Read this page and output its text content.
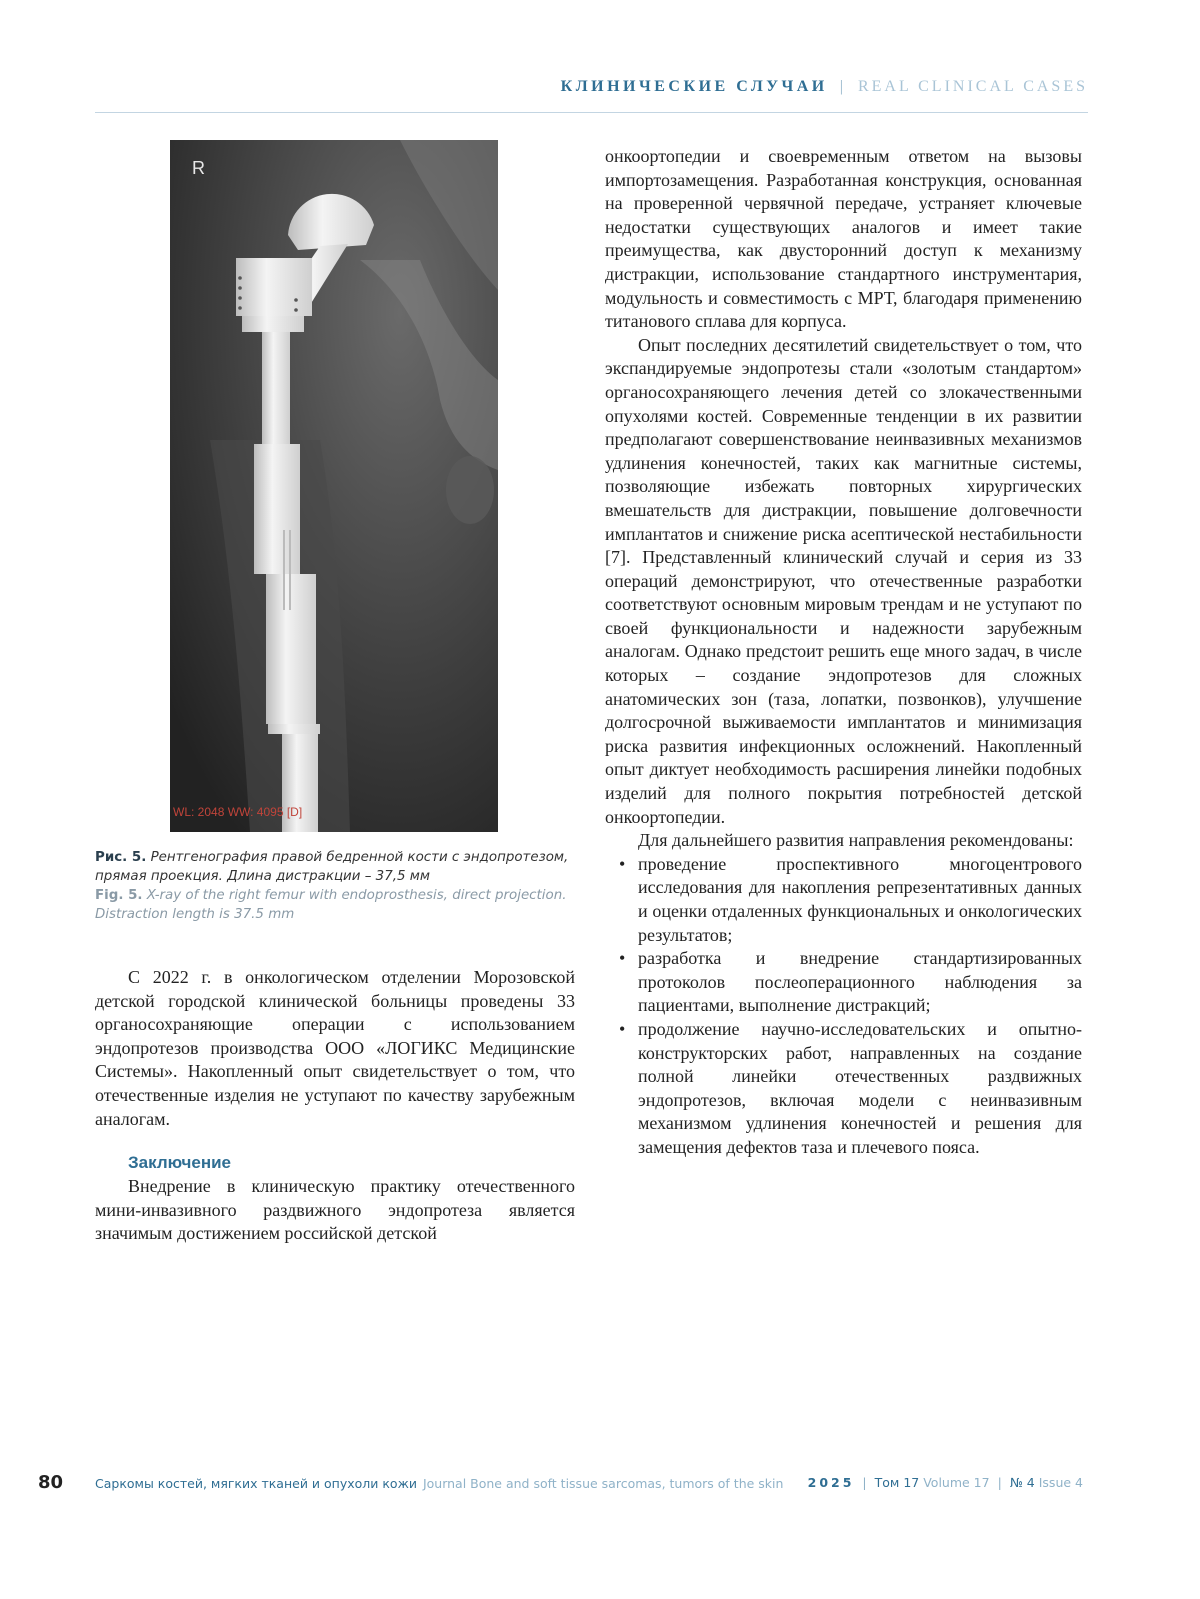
КЛИНИЧЕСКИЕ СЛУЧАИ | REAL CLINICAL CASES
R
WL: 2048 WW: 4095 [D]
Рис. 5. Рентгенография правой бедренной кости с эндопротезом, прямая проекция. Длина дистракции – 37,5 мм
Fig. 5. X-ray of the right femur with endoprosthesis, direct projection. Distraction length is 37.5 mm

С 2022 г. в онкологическом отделении Морозовской детской городской клинической больницы проведены 33 органосохраняющие операции с использованием эндопротезов производства ООО «ЛОГИКС Медицинские Системы». Накопленный опыт свидетельствует о том, что отечественные изделия не уступают по качеству зарубежным аналогам.

Заключение

Внедрение в клиническую практику отечественного мини-инвазивного раздвижного эндопротеза является значимым достижением российской детской

онкоортопедии и своевременным ответом на вызовы импортозамещения. Разработанная конструкция, основанная на проверенной червячной передаче, устраняет ключевые недостатки существующих аналогов и имеет такие преимущества, как двусторонний доступ к механизму дистракции, использование стандартного инструментария, модульность и совместимость с МРТ, благодаря применению титанового сплава для корпуса.

Опыт последних десятилетий свидетельствует о том, что экспандируемые эндопротезы стали «золотым стандартом» органосохраняющего лечения детей со злокачественными опухолями костей. Современные тенденции в их развитии предполагают совершенствование неинвазивных механизмов удлинения конечностей, таких как магнитные системы, позволяющие избежать повторных хирургических вмешательств для дистракции, повышение долговечности имплантатов и снижение риска асептической нестабильности [7]. Представленный клинический случай и серия из 33 операций демонстрируют, что отечественные разработки соответствуют основным мировым трендам и не уступают по своей функциональности и надежности зарубежным аналогам. Однако предстоит решить еще много задач, в числе которых – создание эндопротезов для сложных анатомических зон (таза, лопатки, позвонков), улучшение долгосрочной выживаемости имплантатов и минимизация риска развития инфекционных осложнений. Накопленный опыт диктует необходимость расширения линейки подобных изделий для полного покрытия потребностей детской онкоортопедии.

Для дальнейшего развития направления рекомендованы:

• проведение проспективного многоцентрового исследования для накопления репрезентативных данных и оценки отдаленных функциональных и онкологических результатов;
• разработка и внедрение стандартизированных протоколов послеоперационного наблюдения за пациентами, выполнение дистракций;
• продолжение научно-исследовательских и опытно-конструкторских работ, направленных на создание полной линейки отечественных раздвижных эндопротезов, включая модели с неинвазивным механизмом удлинения конечностей и решения для замещения дефектов таза и плечевого пояса.
80	Саркомы костей, мягких тканей и опухоли кожи Journal Bone and soft tissue sarcomas, tumors of the skin 2025 | Том 17 Volume 17 | № 4 Issue 4
